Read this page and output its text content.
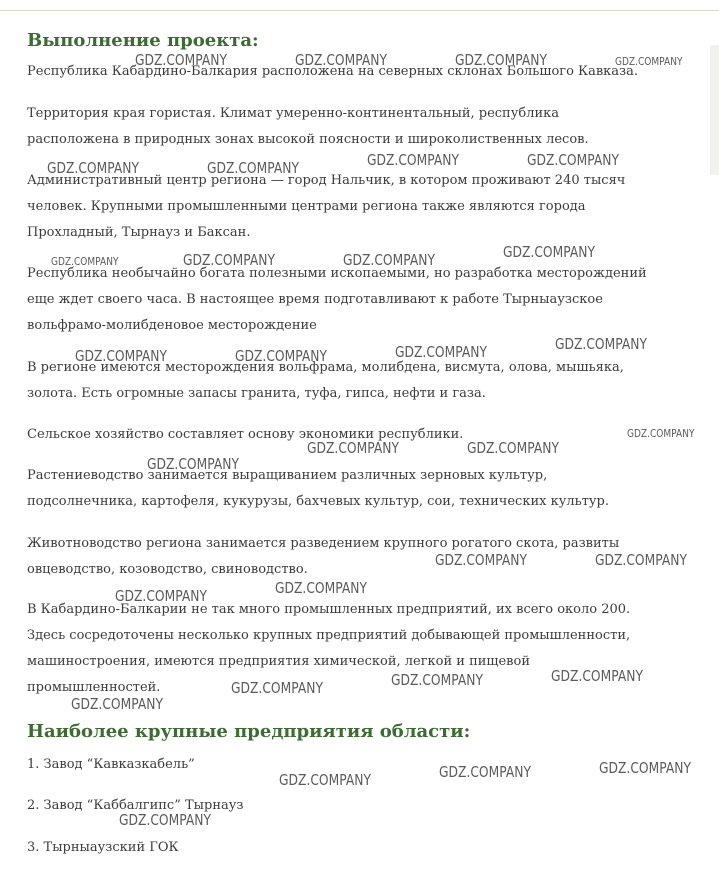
Выполнение проекта:

Республика Кабардино-Балкария расположена на северных склонах Большого Кавказа.

Территория края гористая. Климат умеренно-континентальный, республика
расположена в природных зонах высокой поясности и широколиственных лесов.

Административный центр региона — город Нальчик, в котором проживают 240 тысяч
человек. Крупными промышленными центрами региона также являются города
Прохладный, Тырнауз и Баксан.

Республика необычайно богата полезными ископаемыми, но разработка месторождений
еще ждет своего часа. В настоящее время подготавливают к работе Тырныаузское
вольфрамо-молибденовое месторождение

В регионе имеются месторождения вольфрама, молибдена, висмута, олова, мышьяка,
золота. Есть огромные запасы гранита, туфа, гипса, нефти и газа.

Сельское хозяйство составляет основу экономики республики.

Растениеводство занимается выращиванием различных зерновых культур,
подсолнечника, картофеля, кукурузы, бахчевых культур, сои, технических культур.

Животноводство региона занимается разведением крупного рогатого скота, развиты
овцеводство, козоводство, свиноводство.

В Кабардино-Балкарии не так много промышленных предприятий, их всего около 200.
Здесь сосредоточены несколько крупных предприятий добывающей промышленности,
машиностроения, имеются предприятия химической, легкой и пищевой
промышленностей.

Наиболее крупные предприятия области:

1. Завод “Кавказкабель”

2. Завод “Каббалгипс” Тырнауз

3. Тырныаузский ГОК

GDZ.COMPANY	GDZ.COMPANY	GDZ.COMPANY	GDZ.COMPANY
GDZ.COMPANY	GDZ.COMPANY	GDZ.COMPANY	GDZ.COMPANY
GDZ.COMPANY	GDZ.COMPANY	GDZ.COMPANY	GDZ.COMPANY
GDZ.COMPANY	GDZ.COMPANY	GDZ.COMPANY	GDZ.COMPANY
GDZ.COMPANY	GDZ.COMPANY
GDZ.COMPANY
GDZ.COMPANY
GDZ.COMPANY	GDZ.COMPANY
GDZ.COMPANY
GDZ.COMPANY
GDZ.COMPANY	GDZ.COMPANY	GDZ.COMPANY
GDZ.COMPANY
GDZ.COMPANY	GDZ.COMPANY	GDZ.COMPANY
GDZ.COMPANY
